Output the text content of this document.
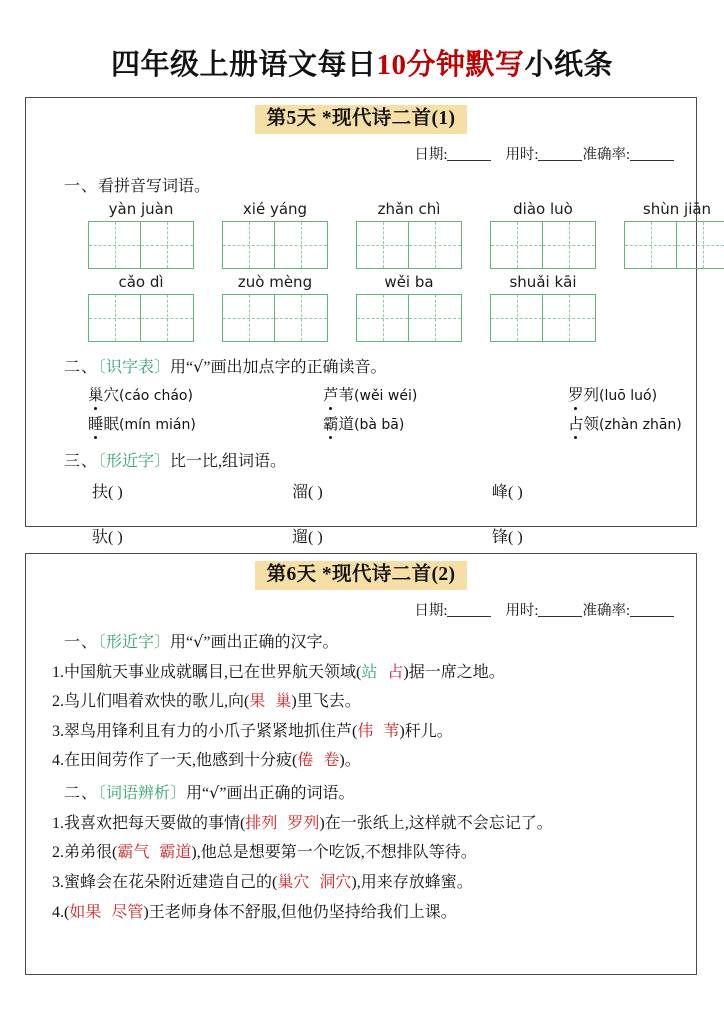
四年级上册语文每日10分钟默写小纸条
第5天 *现代诗二首(1)
日期:	用时:	准确率:
一、看拼音写词语。
yàn juàn	xié yáng	zhǎn chì	diào luò	shùn jiān
cǎo dì	zuò mèng	wěi ba	shuǎi kāi
二、〔识字表〕用“√”画出加点字的正确读音。
巢穴(cáo cháo)	芦苇(wěi wéi)	罗列(luō luó)
睡眠(mín mián)	霸道(bà bā)	占领(zhàn zhān)
三、〔形近字〕比一比,组词语。
扶( )	溜( )	峰( )
驮( )	遛( )	锋( )
第6天 *现代诗二首(2)
日期:	用时:	准确率:
一、〔形近字〕用“√”画出正确的汉字。
1.中国航天事业成就瞩目,已在世界航天领域(站 占)据一席之地。
2.鸟儿们唱着欢快的歌儿,向(果 巢)里飞去。
3.翠鸟用锋利且有力的小爪子紧紧地抓住芦(伟 苇)秆儿。
4.在田间劳作了一天,他感到十分疲(倦 卷)。
二、〔词语辨析〕用“√”画出正确的词语。
1.我喜欢把每天要做的事情(排列 罗列)在一张纸上,这样就不会忘记了。
2.弟弟很(霸气 霸道),他总是想要第一个吃饭,不想排队等待。
3.蜜蜂会在花朵附近建造自己的(巢穴 洞穴),用来存放蜂蜜。
4.(如果 尽管)王老师身体不舒服,但他仍坚持给我们上课。
